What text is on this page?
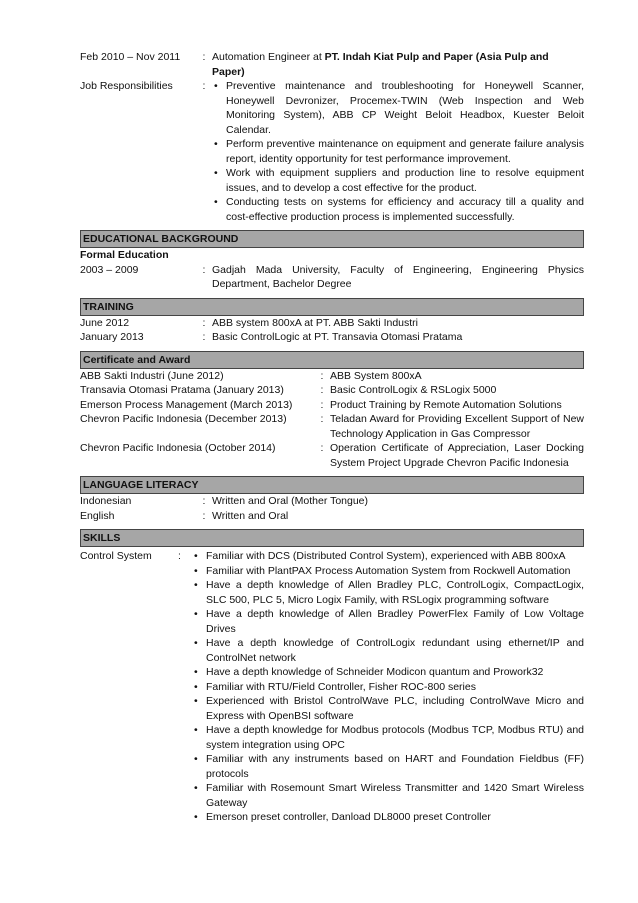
Feb 2010 – Nov 2011	: Automation Engineer at PT. Indah Kiat Pulp and Paper (Asia Pulp and Paper)
Job Responsibilities	: • Preventive maintenance and troubleshooting for Honeywell Scanner, Honeywell Devronizer, Procemex-TWIN (Web Inspection and Web Monitoring System), ABB CP Weight Beloit Headbox, Kuester Beloit Calendar.
• Perform preventive maintenance on equipment and generate failure analysis report, identity opportunity for test performance improvement.
• Work with equipment suppliers and production line to resolve equipment issues, and to develop a cost effective for the product.
• Conducting tests on systems for efficiency and accuracy till a quality and cost-effective production process is implemented successfully.
EDUCATIONAL BACKGROUND
Formal Education
2003 – 2009	: Gadjah Mada University, Faculty of Engineering, Engineering Physics Department, Bachelor Degree
TRAINING
June 2012	: ABB system 800xA at PT. ABB Sakti Industri
January 2013	: Basic ControlLogic at PT. Transavia Otomasi Pratama
Certificate and Award
ABB Sakti Industri (June 2012)	: ABB System 800xA
Transavia Otomasi Pratama (January 2013)	: Basic ControlLogix & RSLogix 5000
Emerson Process Management (March 2013)	: Product Training by Remote Automation Solutions
Chevron Pacific Indonesia (December 2013)	: Teladan Award for Providing Excellent Support of New Technology Application in Gas Compressor
Chevron Pacific Indonesia (October 2014)	: Operation Certificate of Appreciation, Laser Docking System Project Upgrade Chevron Pacific Indonesia
LANGUAGE LITERACY
Indonesian	: Written and Oral (Mother Tongue)
English	: Written and Oral
SKILLS
Control System	:	• Familiar with DCS (Distributed Control System), experienced with ABB 800xA
• Familiar with PlantPAX Process Automation System from Rockwell Automation
• Have a depth knowledge of Allen Bradley PLC, ControlLogix, CompactLogix, SLC 500, PLC 5, Micro Logix Family, with RSLogix programming software
• Have a depth knowledge of Allen Bradley PowerFlex Family of Low Voltage Drives
• Have a depth knowledge of ControlLogix redundant using ethernet/IP and ControlNet network
• Have a depth knowledge of Schneider Modicon quantum and Prowork32
• Familiar with RTU/Field Controller, Fisher ROC-800 series
• Experienced with Bristol ControlWave PLC, including ControlWave Micro and Express with OpenBSI software
• Have a depth knowledge for Modbus protocols (Modbus TCP, Modbus RTU) and system integration using OPC
• Familiar with any instruments based on HART and Foundation Fieldbus (FF) protocols
• Familiar with Rosemount Smart Wireless Transmitter and 1420 Smart Wireless Gateway
• Emerson preset controller, Danload DL8000 preset Controller
